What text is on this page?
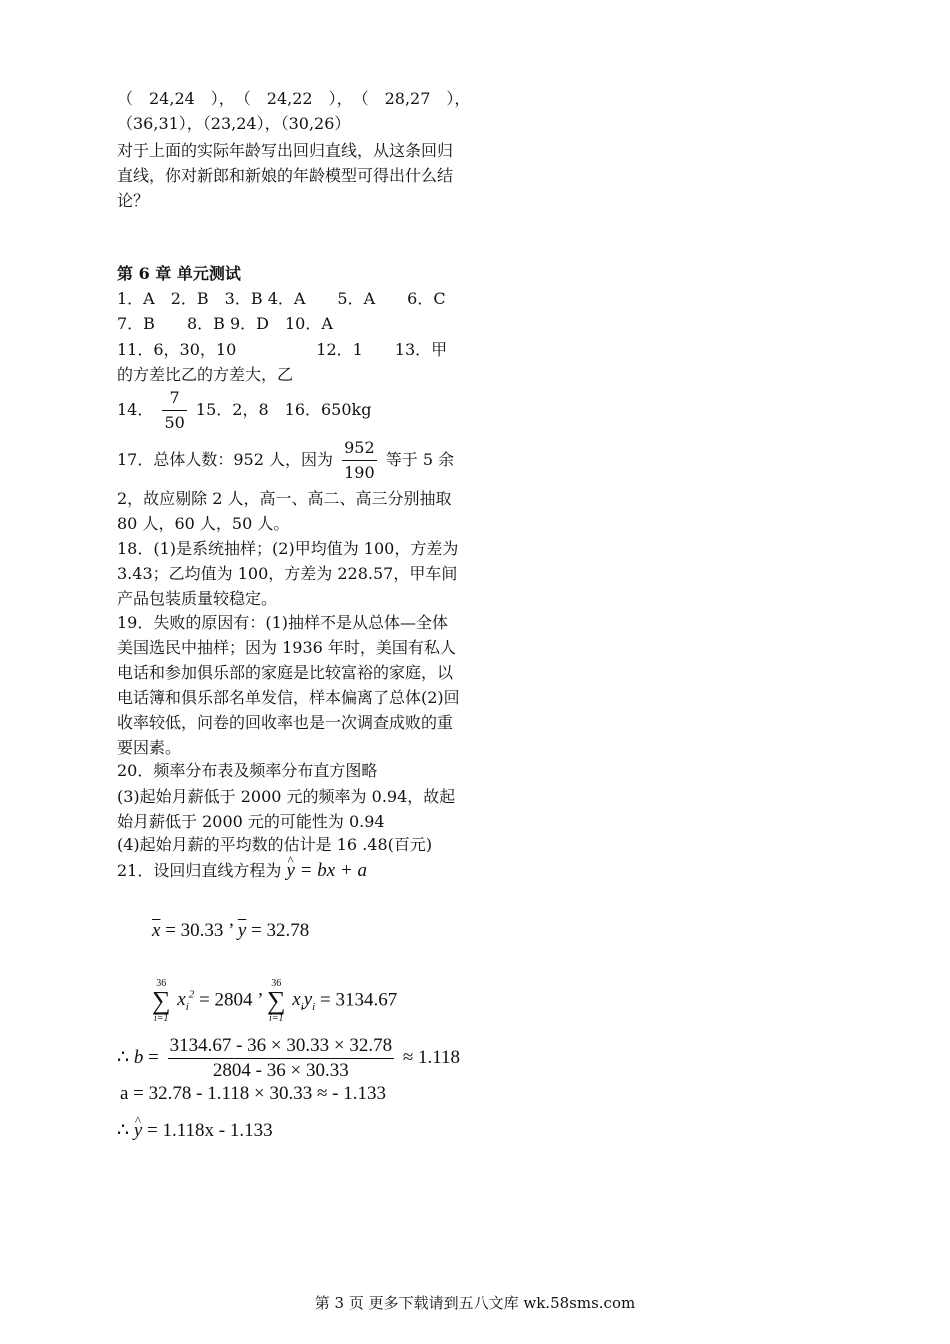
（　24,24　），　（　24,22　），　（　28,27　），
（36,31），（23,24），（30,26）
对于上面的实际年龄写出回归直线，从这条回归直线，你对新郎和新娘的年龄模型可得出什么结论？
第 6 章 单元测试
1．A　2．B　3．B 4．A　　5．A　　6．C
7．B　　8．B 9．D　10．A
11．6，30，10　　　　　12．1　　13．甲的方差比乙的方差大，乙
14． $\frac{7}{50} 15$．2，8　16．650kg
17．总体人数：952 人，因为 $\frac{952}{190}$ 等于 5 余
2，故应剔除 2 人，高一、高二、高三分别抽取 80 人，60 人，50 人。
18．(1)是系统抽样；(2)甲均值为 100，方差为 3.43；乙均值为 100，方差为 228.57，甲车间产品包装质量较稳定。
19．失败的原因有：(1)抽样不是从总体—全体美国选民中抽样；因为 1936 年时，美国有私人电话和参加俱乐部的家庭是比较富裕的家庭，以电话簿和俱乐部名单发信，样本偏离了总体(2)回收率较低，问卷的回收率也是一次调查成败的重要因素。
20．频率分布表及频率分布直方图略
(3)起始月薪低于 2000 元的频率为 0.94，故起始月薪低于 2000 元的可能性为 0.94
(4)起始月薪的平均数的估计是 16 .48(百元)
21．设回归直线方程为 ^ y = bx + a
$\overline{x} = 30.33$ ’ $\overline{y} = 32.78$
36
∑
i=1
$x_i^2 = 2804$ ’
36
∑
i=1
$x_iy_i = 3134.67$
∴ $b = \frac{3134.67 - 36 \times 30.33 \times 32.78}{2804 - 36 \times 30.33} \approx 1.118$
a = 32.78 - 1.118 × 30.33 ≈ - 1.133
∴ ^ y = 1.118x - 1.133
第 3 页 更多下载请到五八文库 wk.58sms.com
